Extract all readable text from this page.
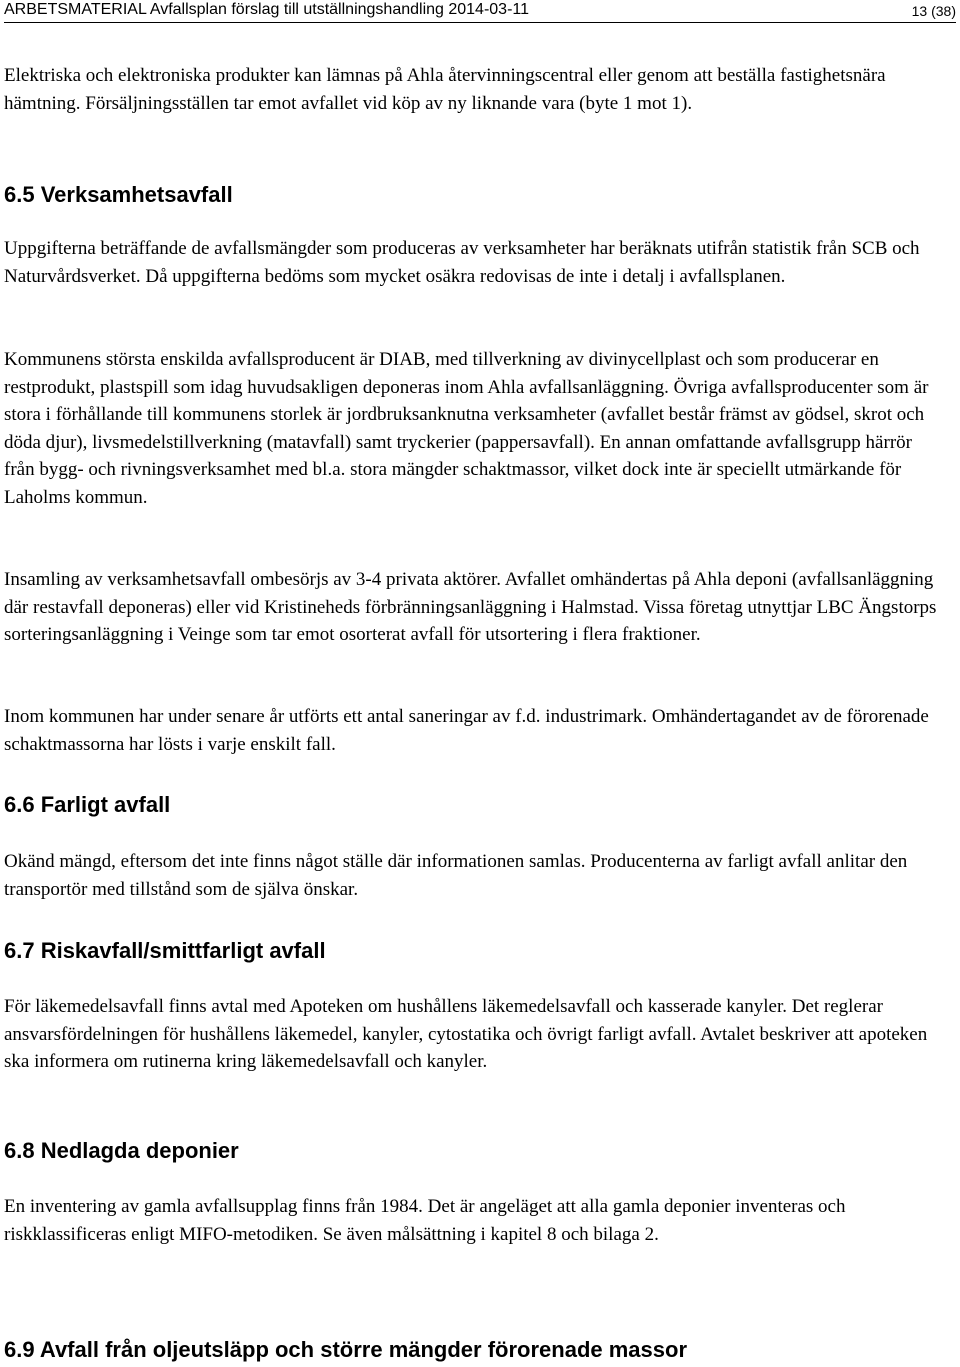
ARBETSMATERIAL Avfallsplan förslag till utställningshandling 2014-03-11	13 (38)

Elektriska och elektroniska produkter kan lämnas på Ahla återvinningscentral eller genom att beställa fastighetsnära hämtning. Försäljningsställen tar emot avfallet vid köp av ny liknande vara (byte 1 mot 1).

6.5 Verksamhetsavfall

Uppgifterna beträffande de avfallsmängder som produceras av verksamheter har beräknats utifrån statistik från SCB och Naturvårdsverket. Då uppgifterna bedöms som mycket osäkra redovisas de inte i detalj i avfallsplanen.

Kommunens största enskilda avfallsproducent är DIAB, med tillverkning av divinycellplast och som producerar en restprodukt, plastspill som idag huvudsakligen deponeras inom Ahla avfallsanläggning. Övriga avfallsproducenter som är stora i förhållande till kommunens storlek är jordbruksanknutna verksamheter (avfallet består främst av gödsel, skrot och döda djur), livsmedelstillverkning (matavfall) samt tryckerier (pappersavfall). En annan omfattande avfallsgrupp härrör från bygg- och rivningsverksamhet med bl.a. stora mängder schaktmassor, vilket dock inte är speciellt utmärkande för Laholms kommun.

Insamling av verksamhetsavfall ombesörjs av 3-4 privata aktörer. Avfallet omhändertas på Ahla deponi (avfallsanläggning där restavfall deponeras) eller vid Kristineheds förbränningsanläggning i Halmstad. Vissa företag utnyttjar LBC Ängstorps sorteringsanläggning i Veinge som tar emot osorterat avfall för utsortering i flera fraktioner.

Inom kommunen har under senare år utförts ett antal saneringar av f.d. industrimark. Omhändertagandet av de förorenade schaktmassorna har lösts i varje enskilt fall.

6.6 Farligt avfall

Okänd mängd, eftersom det inte finns något ställe där informationen samlas. Producenterna av farligt avfall anlitar den transportör med tillstånd som de själva önskar.

6.7 Riskavfall/smittfarligt avfall

För läkemedelsavfall finns avtal med Apoteken om hushållens läkemedelsavfall och kasserade kanyler. Det reglerar ansvarsfördelningen för hushållens läkemedel, kanyler, cytostatika och övrigt farligt avfall. Avtalet beskriver att apoteken ska informera om rutinerna kring läkemedelsavfall och kanyler.

6.8 Nedlagda deponier

En inventering av gamla avfallsupplag finns från 1984. Det är angeläget att alla gamla deponier inventeras och riskklassificeras enligt MIFO-metodiken. Se även målsättning i kapitel 8 och bilaga 2.

6.9 Avfall från oljeutsläpp och större mängder förorenade massor
